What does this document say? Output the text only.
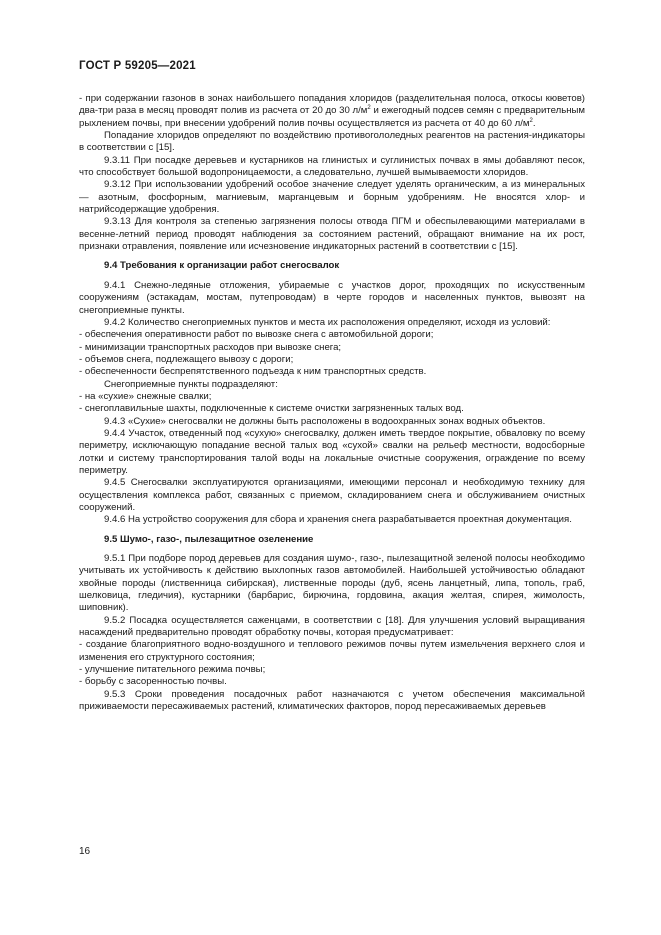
ГОСТ Р 59205—2021

- при содержании газонов в зонах наибольшего попадания хлоридов (разделительная полоса, откосы кюветов) два-три раза в месяц проводят полив из расчета от 20 до 30 $л/м^2$ и ежегодный подсев семян с предварительным рыхлением почвы, при внесении удобрений полив почвы осуществляется из расчета от 40 до 60 $л/м^2$.

Попадание хлоридов определяют по воздействию противогололедных реагентов на растения-индикаторы в соответствии с [15].

9.3.11 При посадке деревьев и кустарников на глинистых и суглинистых почвах в ямы добавляют песок, что способствует большой водопроницаемости, а следовательно, лучшей вымываемости хлоридов.

9.3.12 При использовании удобрений особое значение следует уделять органическим, а из минеральных — азотным, фосфорным, магниевым, марганцевым и борным удобрениям. Не вносятся хлор- и натрийсодержащие удобрения.

9.3.13 Для контроля за степенью загрязнения полосы отвода ПГМ и обеспылевающими материалами в весенне-летний период проводят наблюдения за состоянием растений, обращают внимание на их рост, признаки отравления, появление или исчезновение индикаторных растений в соответствии с [15].

9.4 Требования к организации работ снегосвалок

9.4.1 Снежно-ледяные отложения, убираемые с участков дорог, проходящих по искусственным сооружениям (эстакадам, мостам, путепроводам) в черте городов и населенных пунктов, вывозят на снегоприемные пункты.

9.4.2 Количество снегоприемных пунктов и места их расположения определяют, исходя из условий:

- обеспечения оперативности работ по вывозке снега с автомобильной дороги;

- минимизации транспортных расходов при вывозке снега;

- объемов снега, подлежащего вывозу с дороги;

- обеспеченности беспрепятственного подъезда к ним транспортных средств.

Снегоприемные пункты подразделяют:

- на «сухие» снежные свалки;

- снегоплавильные шахты, подключенные к системе очистки загрязненных талых вод.

9.4.3 «Сухие» снегосвалки не должны быть расположены в водоохранных зонах водных объектов.

9.4.4 Участок, отведенный под «сухую» снегосвалку, должен иметь твердое покрытие, обваловку по всему периметру, исключающую попадание весной талых вод «сухой» свалки на рельеф местности, водосборные лотки и систему транспортирования талой воды на локальные очистные сооружения, ограждение по всему периметру.

9.4.5 Снегосвалки эксплуатируются организациями, имеющими персонал и необходимую технику для осуществления комплекса работ, связанных с приемом, складированием снега и обслуживанием очистных сооружений.

9.4.6 На устройство сооружения для сбора и хранения снега разрабатывается проектная документация.

9.5 Шумо-, газо-, пылезащитное озеленение

9.5.1 При подборе пород деревьев для создания шумо-, газо-, пылезащитной зеленой полосы необходимо учитывать их устойчивость к действию выхлопных газов автомобилей. Наибольшей устойчивостью обладают хвойные породы (лиственница сибирская), лиственные породы (дуб, ясень ланцетный, липа, тополь, граб, шелковица, гледичия), кустарники (барбарис, бирючина, гордовина, акация желтая, спирея, жимолость, шиповник).

9.5.2 Посадка осуществляется саженцами, в соответствии с [18]. Для улучшения условий выращивания насаждений предварительно проводят обработку почвы, которая предусматривает:

- создание благоприятного водно-воздушного и теплового режимов почвы путем измельчения верхнего слоя и изменения его структурного состояния;

- улучшение питательного режима почвы;

- борьбу с засоренностью почвы.

9.5.3 Сроки проведения посадочных работ назначаются с учетом обеспечения максимальной приживаемости пересаживаемых растений, климатических факторов, пород пересаживаемых деревьев

16
